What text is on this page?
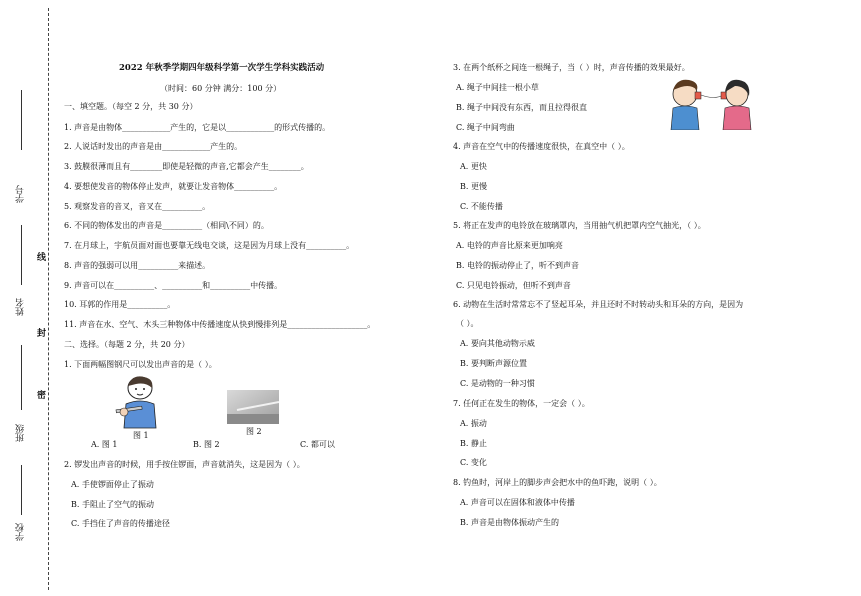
学号
姓名
班级
学校
线
封
密
2022 年秋季学期四年级科学第一次学生学科实践活动
（时间：60 分钟 满分：100 分）
一、填空题。（每空 2 分，共 30 分）
1. 声音是由物体____________产生的，它是以____________的形式传播的。
2. 人说话时发出的声音是由____________产生的。
3. 鼓膜很薄而且有________即使是轻微的声音,它都会产生________。
4. 要想使发音的物体停止发声，就要让发音物体__________。
5. 观察发音的音叉，音叉在__________。
6. 不同的物体发出的声音是__________（相同\不同）的。
7. 在月球上，宇航员面对面也要靠无线电交谈，这是因为月球上没有__________。
8. 声音的强弱可以用__________来描述。
9. 声音可以在__________、__________和__________中传播。
10. 耳郭的作用是__________。
11. 声音在水、空气、木头三种物体中传播速度从快到慢排列是____________________。
二、选择。（每题 2 分，共 20 分）
1. 下面两幅图钢尺可以发出声音的是（ ）。
图 1	图 2
A. 图 1	B. 图 2	C. 都可以
2. 锣发出声音的时候，用手按住锣面，声音就消失，这是因为（ ）。
A. 手使锣面停止了振动
B. 手阻止了空气的振动
C. 手挡住了声音的传播途径
3. 在两个纸杯之间连一根绳子，当（ ）时，声音传播的效果最好。
A. 绳子中间挂一根小草
B. 绳子中间没有东西，而且拉得很直
C. 绳子中间弯曲
4. 声音在空气中的传播速度很快，在真空中（ ）。
A. 更快
B. 更慢
C. 不能传播
5. 将正在发声的电铃放在玻璃罩内，当用抽气机把罩内空气抽光，（ ）。
A. 电铃的声音比原来更加响亮
B. 电铃的振动停止了，听不到声音
C. 只见电铃振动，但听不到声音
6. 动物在生活时常常忘不了竖起耳朵，并且还时不时转动头和耳朵的方向，是因为
（ ）。
A. 要向其他动物示威
B. 要判断声源位置
C. 是动物的一种习惯
7. 任何正在发生的物体，一定会（ ）。
A. 振动
B. 静止
C. 变化
8. 钓鱼时，河岸上的脚步声会把水中的鱼吓跑，说明（ ）。
A. 声音可以在固体和液体中传播
B. 声音是由物体振动产生的
